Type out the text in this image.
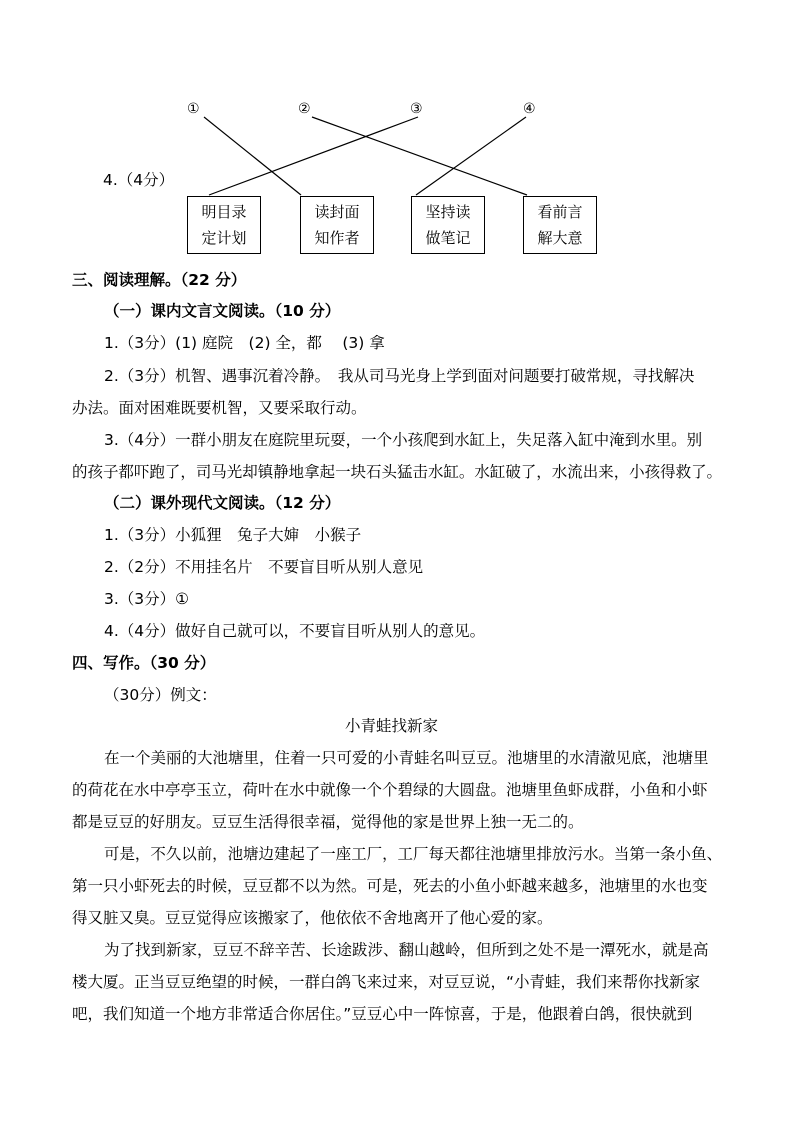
①	②	③	④
4.（4分）
明目录
定计划
读封面
知作者
坚持读
做笔记
看前言
解大意
三、阅读理解。（22 分）
（一）课内文言文阅读。（10 分）
1.（3分）(1) 庭院　(2) 全，都　 (3) 拿
2.（3分）机智、遇事沉着冷静。　我从司马光身上学到面对问题要打破常规，寻找解决
办法。面对困难既要机智，又要采取行动。
3.（4分）一群小朋友在庭院里玩耍，一个小孩爬到水缸上，失足落入缸中淹到水里。别
的孩子都吓跑了，司马光却镇静地拿起一块石头猛击水缸。水缸破了，水流出来，小孩得救了。
（二）课外现代文阅读。（12 分）
1.（3分）小狐狸　兔子大婶　小猴子
2.（2分）不用挂名片　不要盲目听从别人意见
3.（3分）①
4.（4分）做好自己就可以，不要盲目听从别人的意见。
四、写作。（30 分）
（30分）例文：
小青蛙找新家
在一个美丽的大池塘里，住着一只可爱的小青蛙名叫豆豆。池塘里的水清澈见底，池塘里
的荷花在水中亭亭玉立，荷叶在水中就像一个个碧绿的大圆盘。池塘里鱼虾成群，小鱼和小虾
都是豆豆的好朋友。豆豆生活得很幸福，觉得他的家是世界上独一无二的。
可是，不久以前，池塘边建起了一座工厂，工厂每天都往池塘里排放污水。当第一条小鱼、
第一只小虾死去的时候，豆豆都不以为然。可是，死去的小鱼小虾越来越多，池塘里的水也变
得又脏又臭。豆豆觉得应该搬家了，他依依不舍地离开了他心爱的家。
为了找到新家，豆豆不辞辛苦、长途跋涉、翻山越岭，但所到之处不是一潭死水，就是高
楼大厦。正当豆豆绝望的时候，一群白鸽飞来过来，对豆豆说，“小青蛙，我们来帮你找新家
吧，我们知道一个地方非常适合你居住。”豆豆心中一阵惊喜，于是，他跟着白鸽，很快就到
